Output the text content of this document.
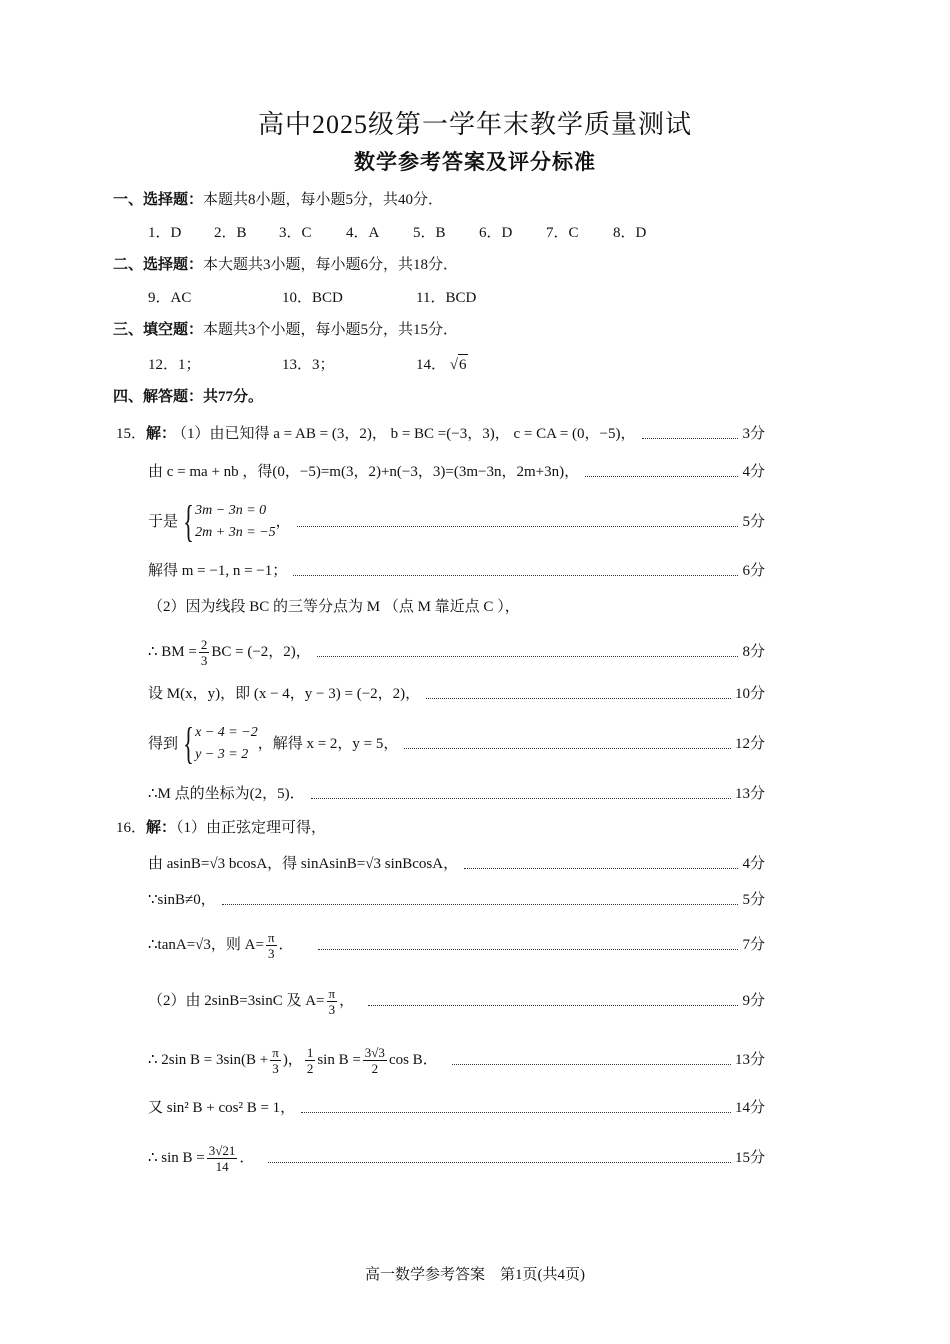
高中2025级第一学年末教学质量测试
数学参考答案及评分标准
一、选择题：本题共8小题，每小题5分，共40分．
1．D 2．B 3．C 4．A 5．B 6．D 7．C 8．D
二、选择题：本大题共3小题，每小题6分，共18分．
9．AC	10．BCD	11．BCD
三、填空题：本题共3个小题，每小题5分，共15分．
12．1；	13．3；	14． √6
四、解答题：共77分。
15．解：
（1）由已知得 a = AB = (3，2)， b = BC =(−3，3)， c = CA = (0，−5)，	3分
由 c = ma + nb ，得(0，−5)=m(3，2)+n(−3，3)=(3m−3n，2m+3n)，	4分
于是 { 3m − 3n = 0
2m + 3n = −5
，	5分
解得 m = −1, n = −1；	6分
（2）因为线段 BC 的三等分点为 M （点 M 靠近点 C ），
∴ BM = $\frac{2}{3}$ BC = (−2，2)，	8分
设 M(x，y)，即 (x − 4，y − 3) = (−2，2)，	10分
得到 { x − 4 = −2
y − 3 = 2
，解得 x = 2，y = 5，	12分
∴M 点的坐标为(2，5)．	13分
16．解：（1）由正弦定理可得，
由 asinB=√3 bcosA，得 sinAsinB=√3 sinBcosA，	4分
∵sinB≠0，	5分
∴tanA=√3，则 $A= \frac{\pi}{3}$ ．	7分
（2）由 2sinB=3sinC 及 $A= \frac{\pi}{3}$ ，	9分
∴ 2sin $B = 3\sin(B + \frac{\pi}{3}$ )， $\frac{1}{2}$ $\sin B = \frac{3√3}{2}$ cos B．	13分
又 sin² B + cos² B = 1，	14分
∴ $\sin B = \frac{3√21}{14}$ ．	15分
高一数学参考答案　第1页(共4页)
